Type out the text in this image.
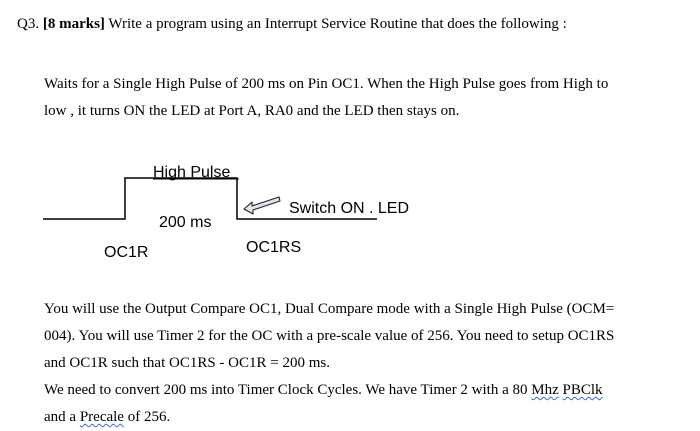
Q3. [8 marks] Write a program using an Interrupt Service Routine that does the following :
Waits for a Single High Pulse of 200 ms on Pin OC1. When the High Pulse goes from High to
low , it turns ON the LED at Port A, RA0 and the LED then stays on.
High Pulse
200 ms
Switch ON . LED
OC1R	OC1RS
You will use the Output Compare OC1, Dual Compare mode with a Single High Pulse (OCM=
004). You will use Timer 2 for the OC with a pre-scale value of 256. You need to setup OC1RS
and OC1R such that OC1RS - OC1R = 200 ms.
We need to convert 200 ms into Timer Clock Cycles. We have Timer 2 with a 80 Mhz PBClk
and a Precale of 256.
